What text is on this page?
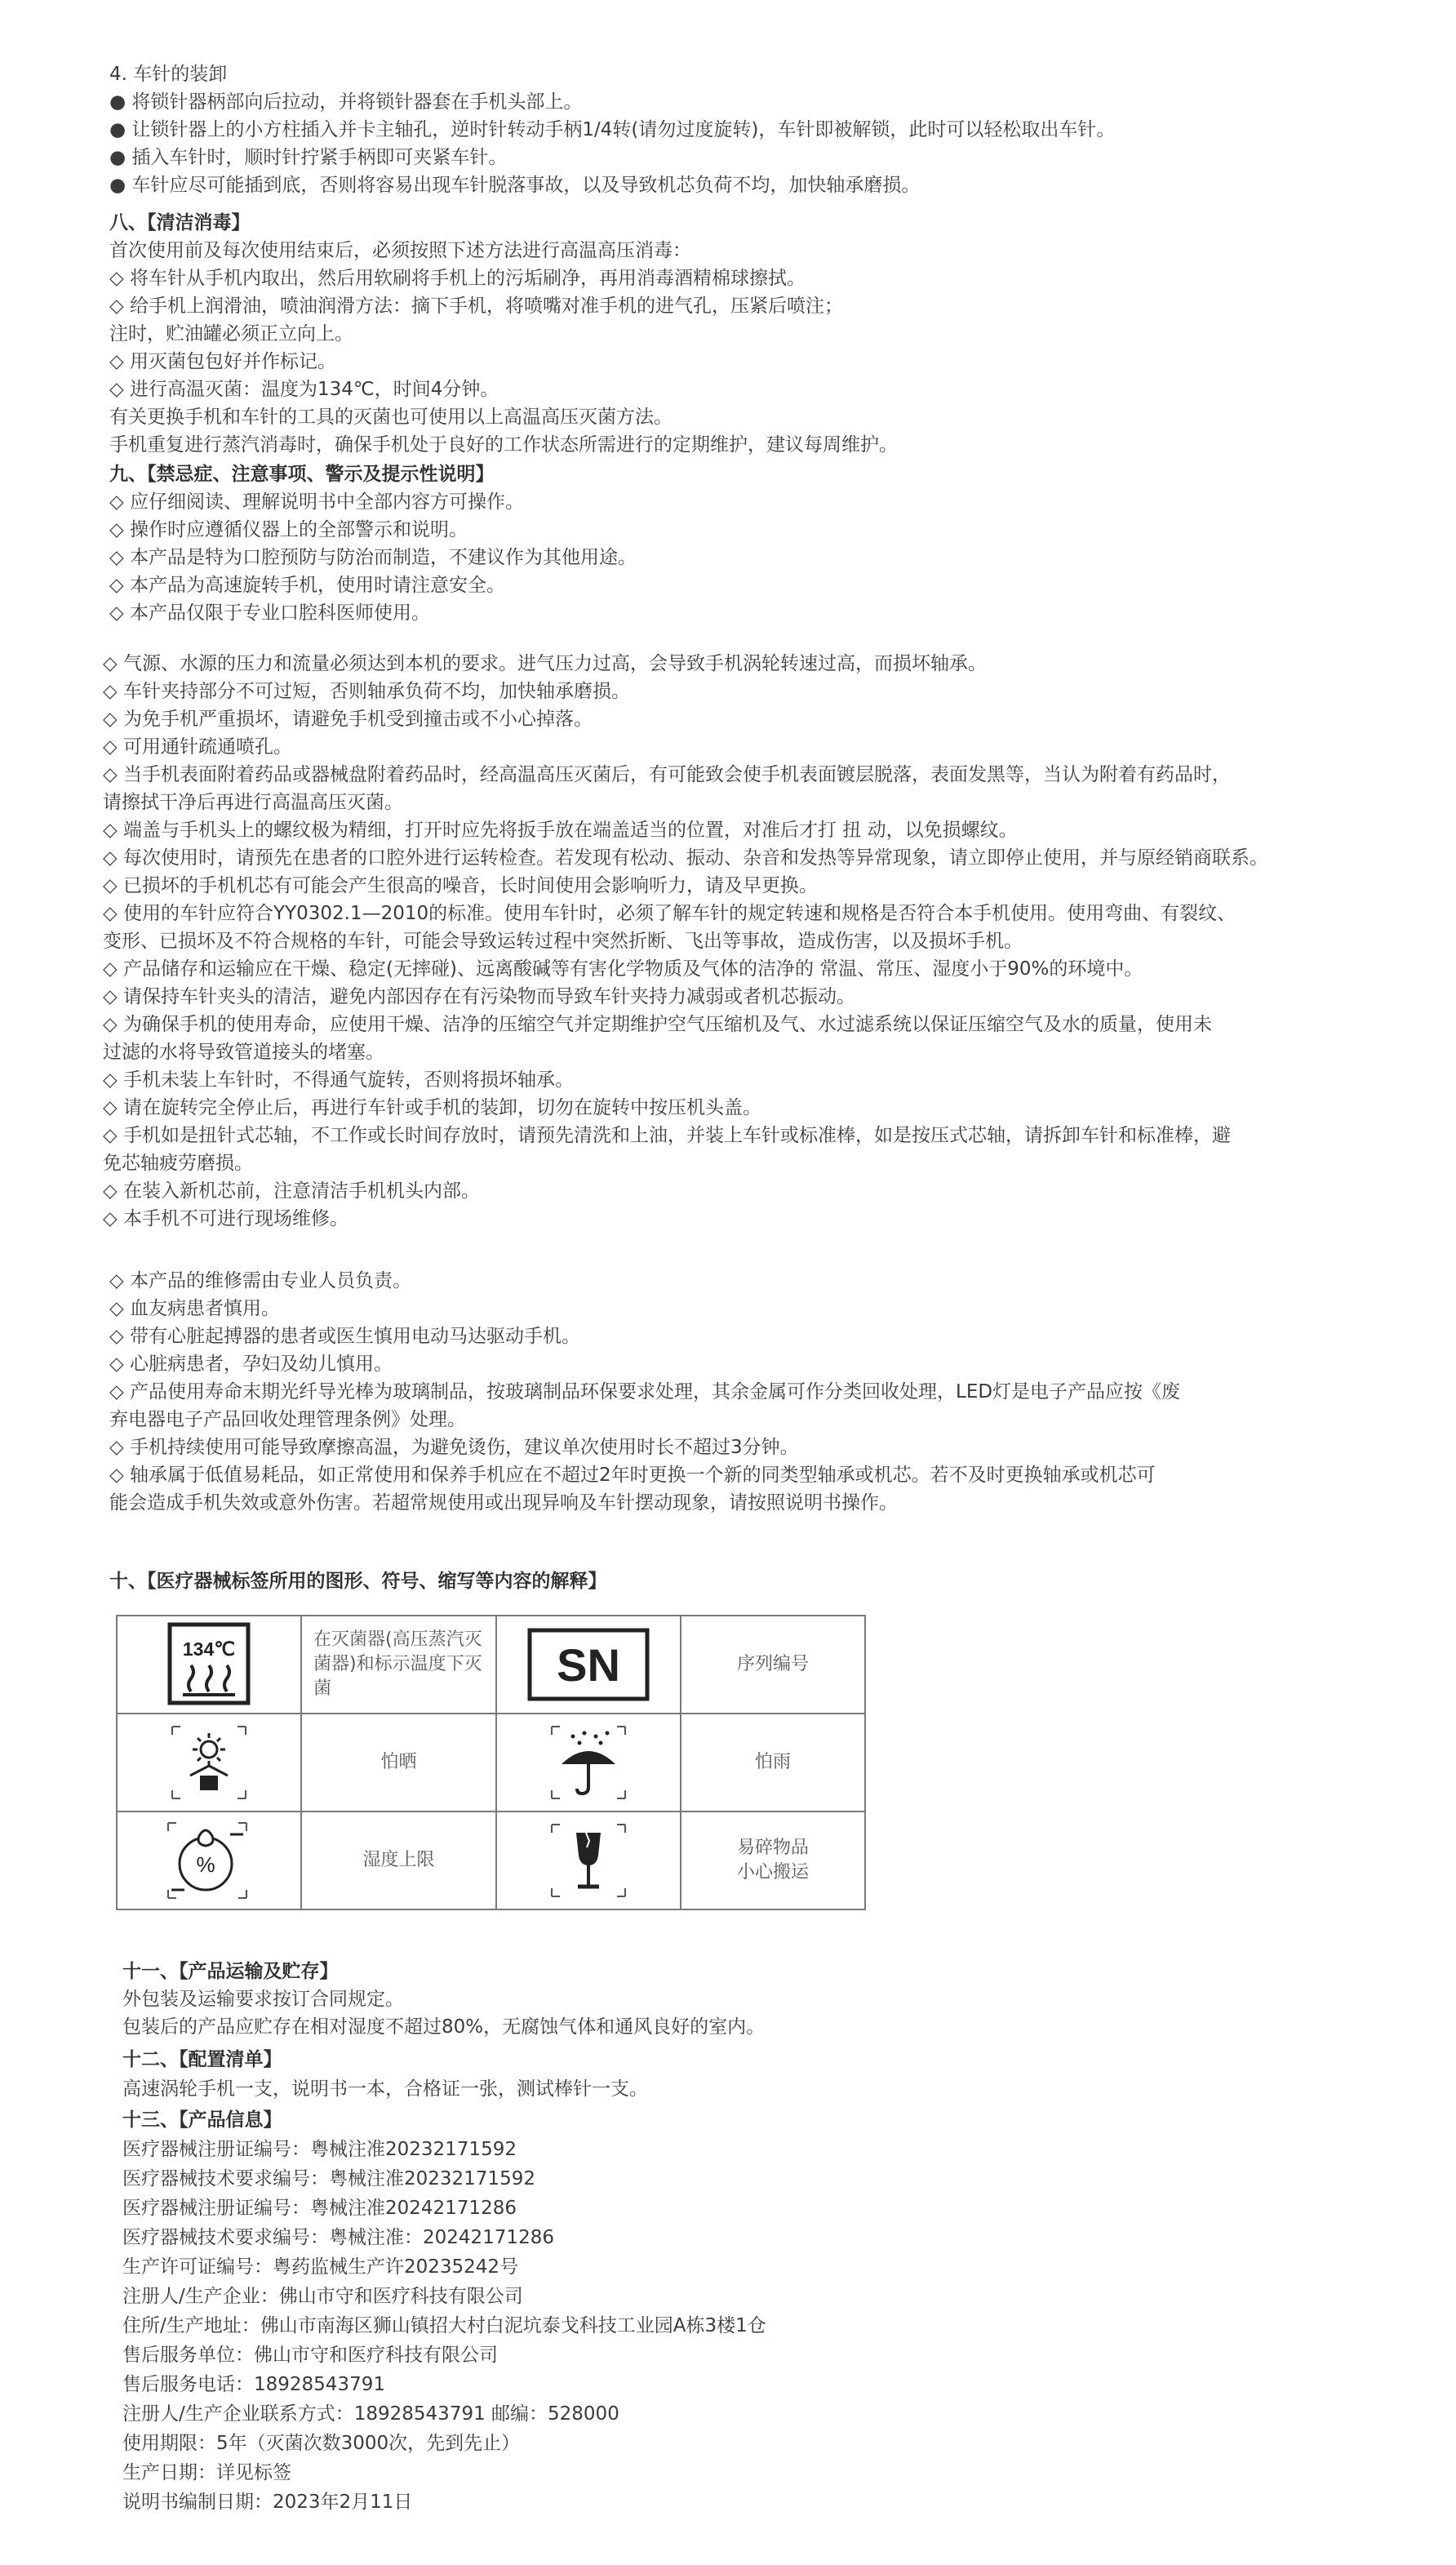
4. 车针的装卸
● 将锁针器柄部向后拉动，并将锁针器套在手机头部上。
● 让锁针器上的小方柱插入并卡主轴孔，逆时针转动手柄1/4转(请勿过度旋转)，车针即被解锁，此时可以轻松取出车针。
● 插入车针时，顺时针拧紧手柄即可夹紧车针。
● 车针应尽可能插到底，否则将容易出现车针脱落事故，以及导致机芯负荷不均，加快轴承磨损。
八、【清洁消毒】
首次使用前及每次使用结束后，必须按照下述方法进行高温高压消毒：
◇ 将车针从手机内取出，然后用软刷将手机上的污垢刷净，再用消毒酒精棉球擦拭。
◇ 给手机上润滑油，喷油润滑方法：摘下手机，将喷嘴对准手机的进气孔，压紧后喷注；
注时，贮油罐必须正立向上。
◇ 用灭菌包包好并作标记。
◇ 进行高温灭菌：温度为134℃，时间4分钟。
有关更换手机和车针的工具的灭菌也可使用以上高温高压灭菌方法。
手机重复进行蒸汽消毒时，确保手机处于良好的工作状态所需进行的定期维护，建议每周维护。
九、【禁忌症、注意事项、警示及提示性说明】
◇ 应仔细阅读、理解说明书中全部内容方可操作。
◇ 操作时应遵循仪器上的全部警示和说明。
◇ 本产品是特为口腔预防与防治而制造，不建议作为其他用途。
◇ 本产品为高速旋转手机，使用时请注意安全。
◇ 本产品仅限于专业口腔科医师使用。
◇ 气源、水源的压力和流量必须达到本机的要求。进气压力过高，会导致手机涡轮转速过高，而损坏轴承。
◇ 车针夹持部分不可过短，否则轴承负荷不均，加快轴承磨损。
◇ 为免手机严重损坏，请避免手机受到撞击或不小心掉落。
◇ 可用通针疏通喷孔。
◇ 当手机表面附着药品或器械盘附着药品时，经高温高压灭菌后，有可能致会使手机表面镀层脱落，表面发黑等，当认为附着有药品时，
请擦拭干净后再进行高温高压灭菌。
◇ 端盖与手机头上的螺纹极为精细，打开时应先将扳手放在端盖适当的位置，对准后才打 扭 动，以免损螺纹。
◇ 每次使用时，请预先在患者的口腔外进行运转检查。若发现有松动、振动、杂音和发热等异常现象，请立即停止使用，并与原经销商联系。
◇ 已损坏的手机机芯有可能会产生很高的噪音，长时间使用会影响听力，请及早更换。
◇ 使用的车针应符合YY0302.1—2010的标准。使用车针时，必须了解车针的规定转速和规格是否符合本手机使用。使用弯曲、有裂纹、
变形、已损坏及不符合规格的车针，可能会导致运转过程中突然折断、飞出等事故，造成伤害，以及损坏手机。
◇ 产品储存和运输应在干燥、稳定(无摔碰)、远离酸碱等有害化学物质及气体的洁净的 常温、常压、湿度小于90%的环境中。
◇ 请保持车针夹头的清洁，避免内部因存在有污染物而导致车针夹持力减弱或者机芯振动。
◇ 为确保手机的使用寿命，应使用干燥、洁净的压缩空气并定期维护空气压缩机及气、水过滤系统以保证压缩空气及水的质量，使用未
过滤的水将导致管道接头的堵塞。
◇ 手机未装上车针时，不得通气旋转，否则将损坏轴承。
◇ 请在旋转完全停止后，再进行车针或手机的装卸，切勿在旋转中按压机头盖。
◇ 手机如是扭针式芯轴，不工作或长时间存放时，请预先清洗和上油，并装上车针或标准棒，如是按压式芯轴，请拆卸车针和标准棒，避
免芯轴疲劳磨损。
◇ 在装入新机芯前，注意清洁手机机头内部。
◇ 本手机不可进行现场维修。
◇ 本产品的维修需由专业人员负责。
◇ 血友病患者慎用。
◇ 带有心脏起搏器的患者或医生慎用电动马达驱动手机。
◇ 心脏病患者，孕妇及幼儿慎用。
◇ 产品使用寿命末期光纤导光棒为玻璃制品，按玻璃制品环保要求处理，其余金属可作分类回收处理，LED灯是电子产品应按《废
弃电器电子产品回收处理管理条例》处理。
◇ 手机持续使用可能导致摩擦高温，为避免烫伤，建议单次使用时长不超过3分钟。
◇ 轴承属于低值易耗品，如正常使用和保养手机应在不超过2年时更换一个新的同类型轴承或机芯。若不及时更换轴承或机芯可
能会造成手机失效或意外伤害。若超常规使用或出现异响及车针摆动现象，请按照说明书操作。
十、【医疗器械标签所用的图形、符号、缩写等内容的解释】
134℃	在灭菌器(高压蒸汽灭菌器)和标示温度下灭菌	SN	序列编号

	怕晒		怕雨

%	湿度上限		易碎物品
小心搬运
十一、【产品运输及贮存】
外包装及运输要求按订合同规定。
包装后的产品应贮存在相对湿度不超过80%，无腐蚀气体和通风良好的室内。
十二、【配置清单】
高速涡轮手机一支，说明书一本，合格证一张，测试棒针一支。
十三、【产品信息】
医疗器械注册证编号：粤械注准20232171592
医疗器械技术要求编号：粤械注准20232171592
医疗器械注册证编号：粤械注准20242171286
医疗器械技术要求编号：粤械注准：20242171286
生产许可证编号：粤药监械生产许20235242号
注册人/生产企业：佛山市守和医疗科技有限公司
住所/生产地址：佛山市南海区狮山镇招大村白泥坑泰戈科技工业园A栋3楼1仓
售后服务单位：佛山市守和医疗科技有限公司
售后服务电话：18928543791
注册人/生产企业联系方式：18928543791 邮编：528000
使用期限：5年（灭菌次数3000次，先到先止）
生产日期：详见标签
说明书编制日期：2023年2月11日
